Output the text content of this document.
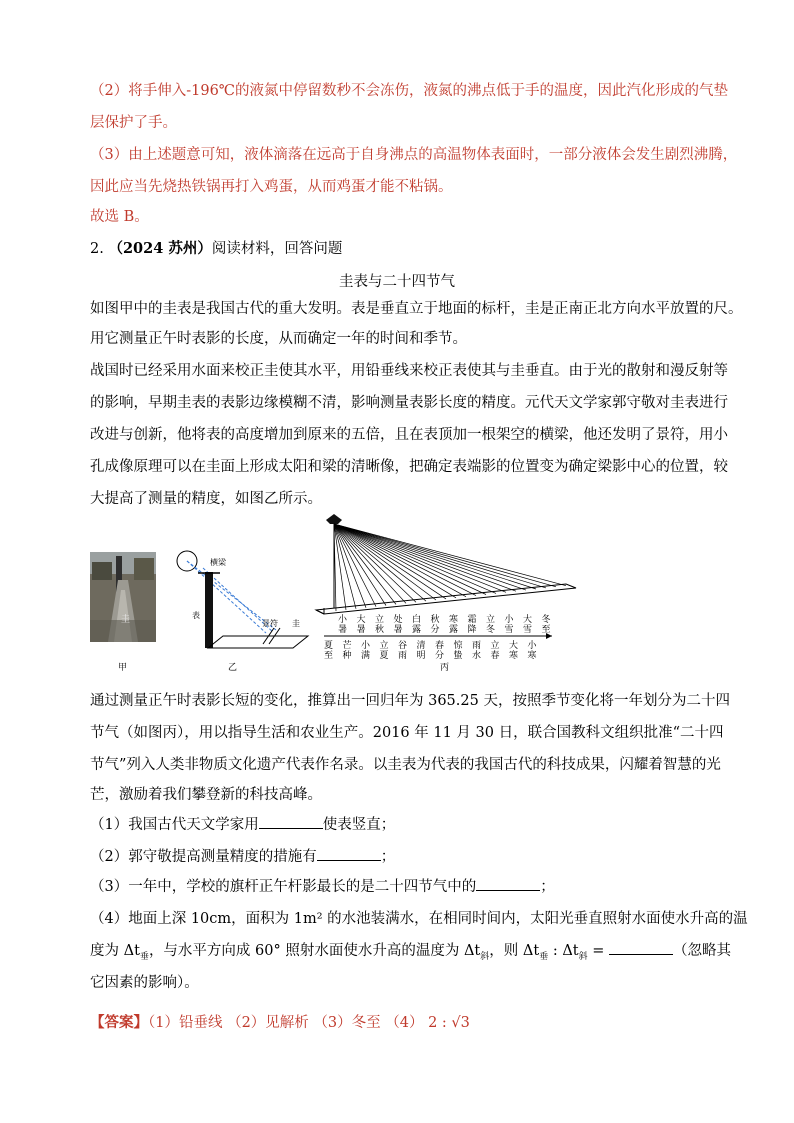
（2）将手伸入-196℃的液氮中停留数秒不会冻伤，液氮的沸点低于手的温度，因此汽化形成的气垫
层保护了手。
（3）由上述题意可知，液体滴落在远高于自身沸点的高温物体表面时，一部分液体会发生剧烈沸腾，
因此应当先烧热铁锅再打入鸡蛋，从而鸡蛋才能不粘锅。
故选 B。
2. （2024 苏州）阅读材料，回答问题
圭表与二十四节气
如图甲中的圭表是我国古代的重大发明。表是垂直立于地面的标杆，圭是正南正北方向水平放置的尺。
用它测量正午时表影的长度，从而确定一年的时间和季节。
战国时已经采用水面来校正圭使其水平，用铅垂线来校正表使其与圭垂直。由于光的散射和漫反射等
的影响，早期圭表的表影边缘模糊不清，影响测量表影长度的精度。元代天文学家郭守敬对圭表进行
改进与创新，他将表的高度增加到原来的五倍，且在表顶加一根架空的横梁，他还发明了景符，用小
孔成像原理可以在圭面上形成太阳和梁的清晰像，把确定表端影的位置变为确定梁影中心的位置，较
大提高了测量的精度，如图乙所示。
圭
甲
横梁
表
景符 圭
乙
小
暑
大
暑
立
秋
处
暑
白
露
秋
分
寒
露
霜
降
立
冬
小
雪
大
雪
冬
至
夏
至
芒
种
小
满
立
夏
谷
雨
清
明
春
分
惊
蛰
雨
水
立
春
大
寒
小
寒
丙
通过测量正午时表影长短的变化，推算出一回归年为 365.25 天，按照季节变化将一年划分为二十四
节气（如图丙），用以指导生活和农业生产。2016 年 11 月 30 日，联合国教科文组织批准“二十四
节气”列入人类非物质文化遗产代表作名录。以圭表为代表的我国古代的科技成果，闪耀着智慧的光
芒，激励着我们攀登新的科技高峰。
（1）我国古代天文学家用	使表竖直；
（2）郭守敬提高测量精度的措施有	；
（3）一年中，学校的旗杆正午杆影最长的是二十四节气中的	；
（4）地面上深 10cm，面积为 1m² 的水池装满水，在相同时间内，太阳光垂直照射水面使水升高的温
度为 $\Delta t_垂$，与水平方向成 60° 照射水面使水升高的温度为 $\Delta t_斜$，则 $\Delta t_垂$ : $\Delta t_斜$ =	（忽略其
它因素的影响）。
【答案】（1）铅垂线 （2）见解析 （3）冬至 （4） 2 : √3
